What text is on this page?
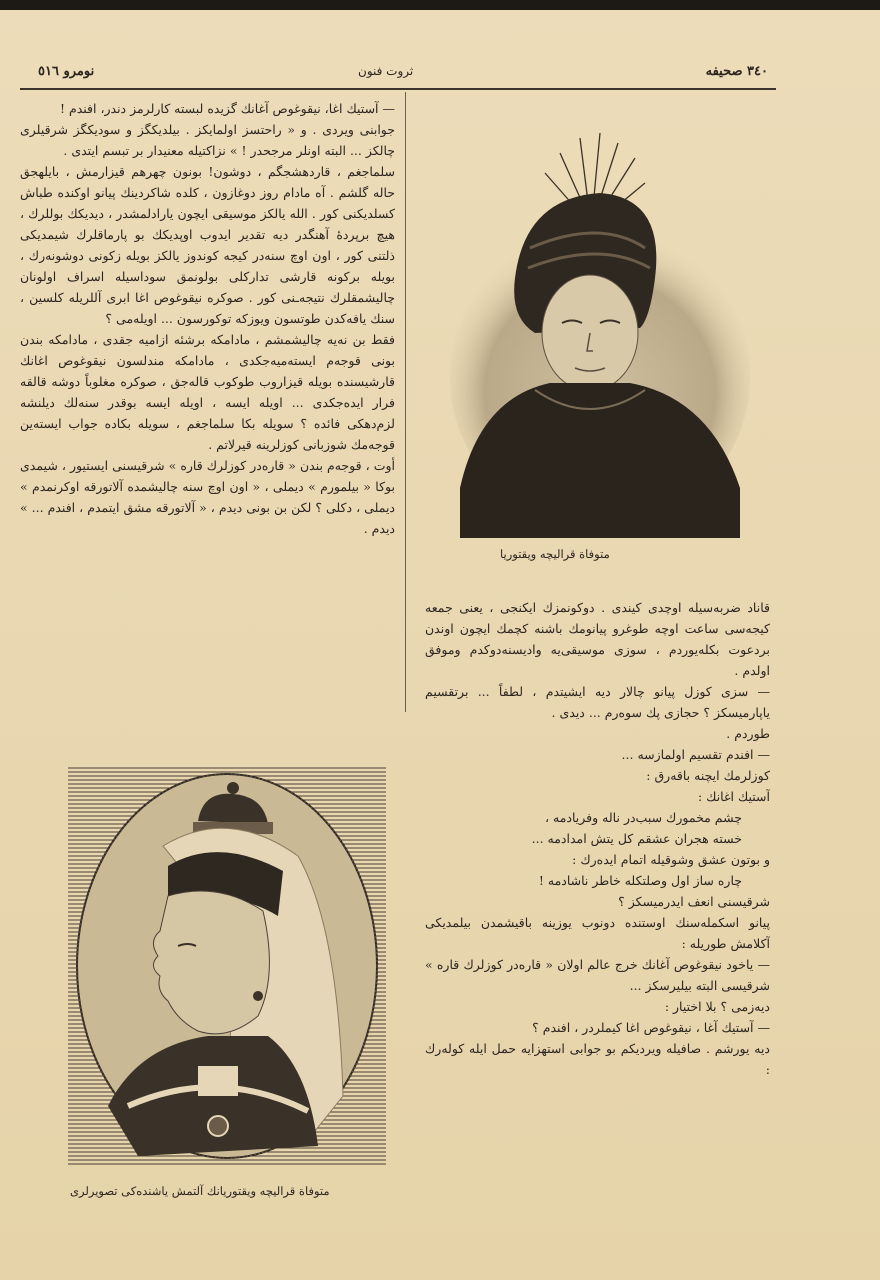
نومرو ٥١٦	ثروت فنون	٣٤٠ صحيفه

— آستيك اغا، نيقوغوص آغانك گزيده لبسته كارلرمز دندر، افندم !

جوابنی ويردی . و « راحتسز اولمايكز . بيلديكگز و سوديكگز شرقيلری چالكز ... البته اونلر مرجحدر ! » نزاكتيله معنيدار بر تبسم ايتدی .

سلماجغم ، قاردهشجگم ، دوشون! بونون چهرهم قيزارمش ، بايلهجق حاله گلشم . آه مادام روز دوغازون ، كلده شاكردينك پيانو اوكنده طباش كسلديكنی كور . الله يالكز موسيقی ايچون يارادلمشدر ، ديديكك بوللرك ، هيچ برپردهٔ آهنگدر ديه تقدير ايدوب اوپديكك بو پارماقلرك شيمديكی ذلتنی كور ، اون اوچ سنه‌در كيجه كوندوز يالكز بويله زكونی دوشونه‌رك ، بويله بركونه قارشی تداركلی بولونمق سوداسيله اسراف اولونان چاليشمقلرك نتيجه‌ـنی كور . صوكره نيقوغوص اغا ابری آللريله كلسين ، سنك يافه‌كدن طوتسون ويوزكه توكورسون ... اويله‌می ؟

فقط بن نه‌يه چاليشمشم ، مادامكه برشئه ازاميه جقدی ، مادامكه بندن بونی قوجه‌م ايسته‌ميه‌جكدی ، مادامكه مندلسون نيقوغوص اغانك قارشيسنده بويله قيزاروب طوكوب قاله‌جق ، صوكره مغلوباً دوشه قالقه فرار ايده‌جكدی ... اويله ايسه ، اويله ايسه بوقدر سنه‌لك ديلنشه لزم‌دهكی فائده ؟ سويله بكا سلماجغم ، سويله بكاده جواب ايسته‌ين قوجه‌مك شوزبانی كوزلرينه قيرلاتم .

أوت ، قوجه‌م بندن « قاره‌در كوزلرك قاره » شرقيسنی ايستيور ، شيمدی بوكا « بيلمورم » ديملی ، « اون اوچ سنه چاليشمده آلاتورقه اوكرنمدم » ديملی ، دكلی ؟ لكن بن بونی ديدم ، « آلاتورقه مشق ايتمدم ، افندم ... » ديدم .

متوفاة قراليچه ويقتوريا
متوفاة قراليچه ويقتوريانك آلتمش ياشنده‌كی تصويرلری

قاناد ضربه‌سيله اوچدی كيندی . دوكونمزك ايكنجی ، يعنی جمعه كيجه‌سی ساعت اوچه طوغرو پيانومك باشنه كچمك ايچون اوندن بردعوت بكله‌يوردم ، سوزی موسيقی‌يه واديسنه‌دوكدم وموفق اولدم .

— سزی كوزل پيانو چالار ديه ايشيتدم ، لطفاً ... برتقسيم ياپارميسكز ؟ حجازی پك سوه‌رم ... ديدی .

طوردم .

— افندم تقسيم اولمازسه ...

كوزلرمك ايچنه باقه‌رق :

آستيك اغانك :

چشم مخمورك سبب‌در ناله وفريادمه ،

خسته هجران عشقم كل يتش امدادمه ...

و بوتون عشق وشوقيله اتمام ايده‌رك :

چاره ساز اول وصلتكله خاطر ناشادمه !

شرقيسنی انعف ايدرميسكز ؟

پيانو اسكمله‌سنك اوستنده دونوب يوزينه باقيشمدن بيلمديكی آكلامش طوريله :

— ياخود نيقوغوص آغانك خرج عالم اولان « قاره‌در كوزلرك قاره » شرقيسی البته بيليرسكز ...

ديه‌زمی ؟ بلا اختيار :

— آستيك آغا ، نيقوغوص اغا كيملردر ، افندم ؟

ديه‌ يورشم . صافيله ويرديكم بو جوابی استهزايه حمل ايله كوله‌رك :
